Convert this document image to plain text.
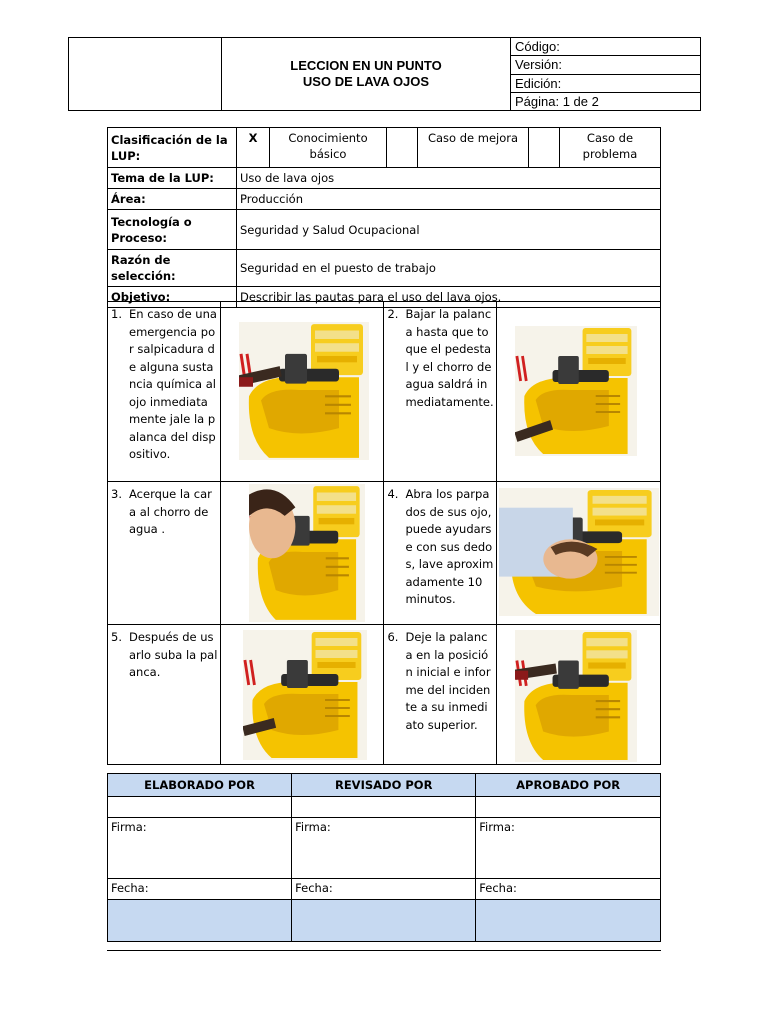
LECCION EN UN PUNTO
USO DE LAVA OJOS
	Código:
Versión:
Edición:
Página: 1 de 2
Clasificación de la LUP:	X	Conocimiento básico		Caso de mejora		Caso de problema
Tema de la LUP:	Uso de lava ojos					
Área:	Producción					
Tecnología o Proceso:	Seguridad y Salud Ocupacional					
Razón de selección:	Seguridad en el puesto de trabajo					
Objetivo:	Describir las pautas para el uso del lava ojos.					
1. En caso de una emergencia por salpicadura de alguna sustancia química al ojo inmediatamente jale la palanca del dispositivo.		2. Bajar la palanca hasta que toque el pedestal y el chorro de agua saldrá inmediatamente.

3. Acerque la cara al chorro de agua .		4. Abra los parpados de sus ojo, puede ayudarse con sus dedos, lave aproximadamente 10 minutos.

5. Después de usarlo suba la palanca.		6. Deje la palanca en la posición inicial e informe del incidente a su inmediato superior.

ELABORADO POR	REVISADO POR	APROBADO POR

Firma:	Firma:	Firma:
Fecha:	Fecha:	Fecha:
